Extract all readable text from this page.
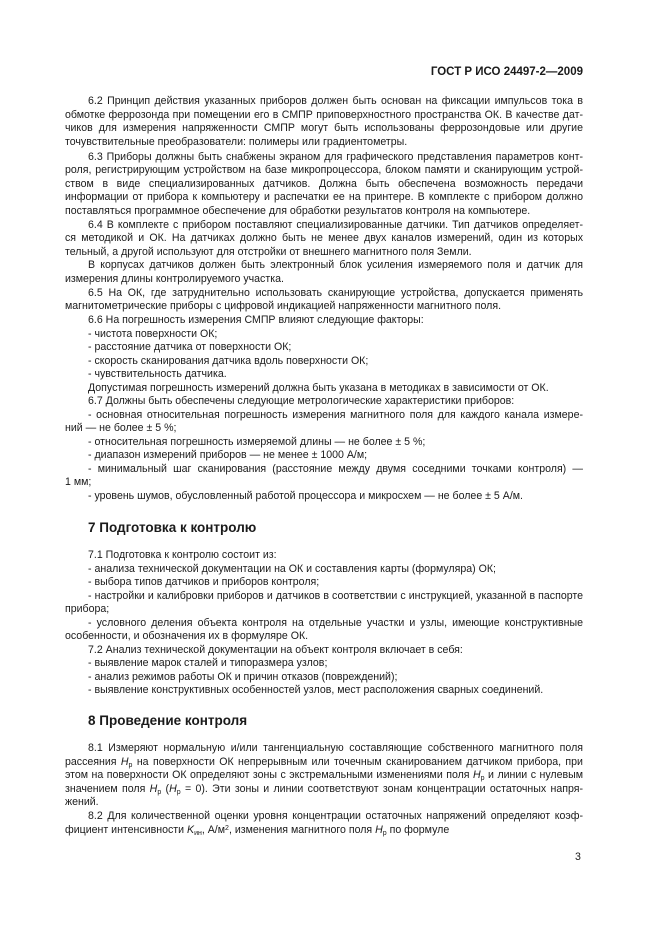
ГОСТ Р ИСО 24497-2—2009
6.2 Принцип действия указанных приборов должен быть основан на фиксации импульсов тока в
обмотке феррозонда при помещении его в СМПР приповерхностного пространства ОК. В качестве дат-
чиков для измерения напряженности СМПР могут быть использованы феррозондовые или другие
точувствительные преобразователи: полимеры или градиентометры.
6.3 Приборы должны быть снабжены экраном для графического представления параметров конт-
роля, регистрирующим устройством на базе микропроцессора, блоком памяти и сканирующим устрой-
ством в виде специализированных датчиков. Должна быть обеспечена возможность передачи
информации от прибора к компьютеру и распечатки ее на принтере. В комплекте с прибором должно
поставляться программное обеспечение для обработки результатов контроля на компьютере.
6.4 В комплекте с прибором поставляют специализированные датчики. Тип датчиков определяет-
ся методикой и ОК. На датчиках должно быть не менее двух каналов измерений, один из которых
тельный, а другой используют для отстройки от внешнего магнитного поля Земли.
В корпусах датчиков должен быть электронный блок усиления измеряемого поля и датчик для
измерения длины контролируемого участка.
6.5 На ОК, где затруднительно использовать сканирующие устройства, допускается применять
магнитометрические приборы с цифровой индикацией напряженности магнитного поля.
6.6 На погрешность измерения СМПР влияют следующие факторы:
- чистота поверхности ОК;
- расстояние датчика от поверхности ОК;
- скорость сканирования датчика вдоль поверхности ОК;
- чувствительность датчика.
Допустимая погрешность измерений должна быть указана в методиках в зависимости от ОК.
6.7 Должны быть обеспечены следующие метрологические характеристики приборов:
- основная относительная погрешность измерения магнитного поля для каждого канала измере-
ний — не более ± 5 %;
- относительная погрешность измеряемой длины — не более ± 5 %;
- диапазон измерений приборов — не менее ± 1000 А/м;
- минимальный шаг сканирования (расстояние между двумя соседними точками контроля) —
1 мм;
- уровень шумов, обусловленный работой процессора и микросхем — не более ± 5 А/м.
7 Подготовка к контролю
7.1 Подготовка к контролю состоит из:
- анализа технической документации на ОК и составления карты (формуляра) ОК;
- выбора типов датчиков и приборов контроля;
- настройки и калибровки приборов и датчиков в соответствии с инструкцией, указанной в паспорте
прибора;
- условного деления объекта контроля на отдельные участки и узлы, имеющие конструктивные
особенности, и обозначения их в формуляре ОК.
7.2 Анализ технической документации на объект контроля включает в себя:
- выявление марок сталей и типоразмера узлов;
- анализ режимов работы ОК и причин отказов (повреждений);
- выявление конструктивных особенностей узлов, мест расположения сварных соединений.
8 Проведение контроля
8.1 Измеряют нормальную и/или тангенциальную составляющие собственного магнитного поля
рассеяния $H_р$ на поверхности ОК непрерывным или точечным сканированием датчиком прибора, при
этом на поверхности ОК определяют зоны с экстремальными изменениями поля $H_р$ и линии с нулевым
значением поля $H_р$ $(H_р = 0)$. Эти зоны и линии соответствуют зонам концентрации остаточных напря-
жений.
8.2 Для количественной оценки уровня концентрации остаточных напряжений определяют коэф-
фициент интенсивности $K_{ин}$, $А/м^2$, изменения магнитного поля $H_р$ по формуле
3
